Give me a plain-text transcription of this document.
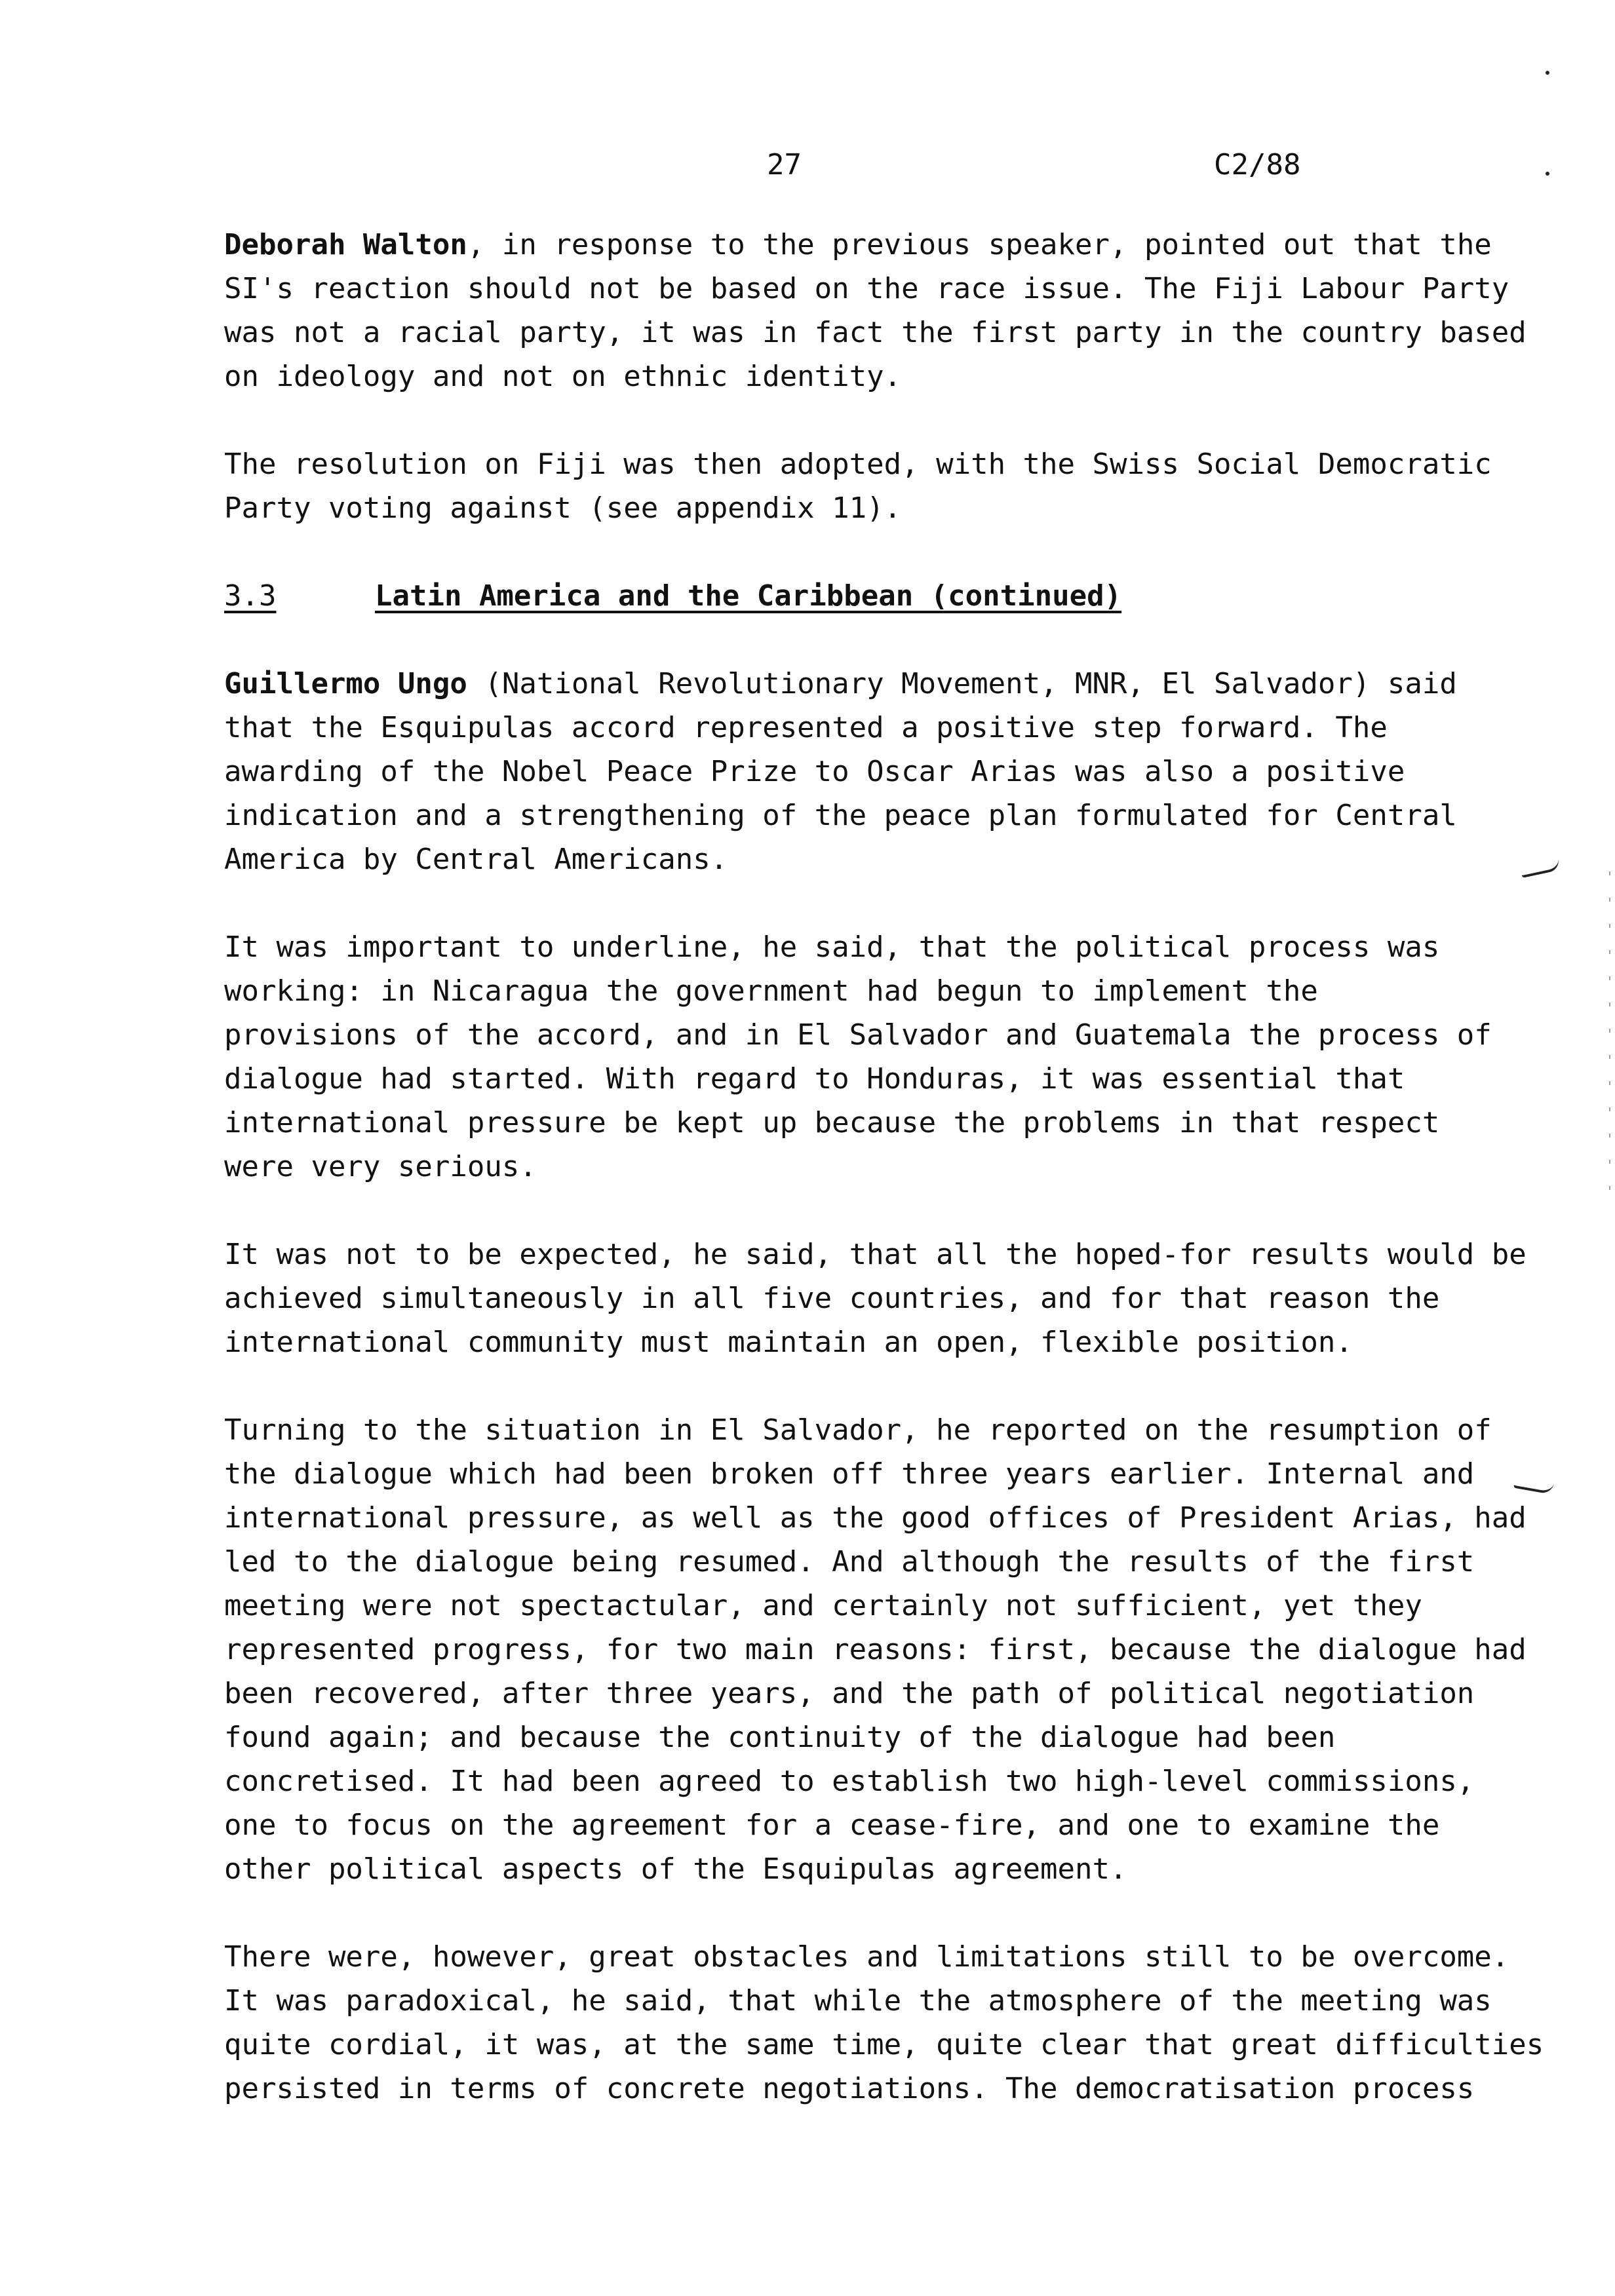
27	C2/88
Deborah Walton, in response to the previous speaker, pointed out that the
SI's reaction should not be based on the race issue. The Fiji Labour Party
was not a racial party, it was in fact the first party in the country based
on ideology and not on ethnic identity.
The resolution on Fiji was then adopted, with the Swiss Social Democratic
Party voting against (see appendix 11).
3.3	Latin America and the Caribbean (continued)
Guillermo Ungo (National Revolutionary Movement, MNR, El Salvador) said
that the Esquipulas accord represented a positive step forward. The
awarding of the Nobel Peace Prize to Oscar Arias was also a positive
indication and a strengthening of the peace plan formulated for Central
America by Central Americans.
It was important to underline, he said, that the political process was
working: in Nicaragua the government had begun to implement the
provisions of the accord, and in El Salvador and Guatemala the process of
dialogue had started. With regard to Honduras, it was essential that
international pressure be kept up because the problems in that respect
were very serious.
It was not to be expected, he said, that all the hoped-for results would be
achieved simultaneously in all five countries, and for that reason the
international community must maintain an open, flexible position.
Turning to the situation in El Salvador, he reported on the resumption of
the dialogue which had been broken off three years earlier. Internal and
international pressure, as well as the good offices of President Arias, had
led to the dialogue being resumed. And although the results of the first
meeting were not spectactular, and certainly not sufficient, yet they
represented progress, for two main reasons: first, because the dialogue had
been recovered, after three years, and the path of political negotiation
found again; and because the continuity of the dialogue had been
concretised. It had been agreed to establish two high-level commissions,
one to focus on the agreement for a cease-fire, and one to examine the
other political aspects of the Esquipulas agreement.
There were, however, great obstacles and limitations still to be overcome.
It was paradoxical, he said, that while the atmosphere of the meeting was
quite cordial, it was, at the same time, quite clear that great difficulties
persisted in terms of concrete negotiations. The democratisation process
